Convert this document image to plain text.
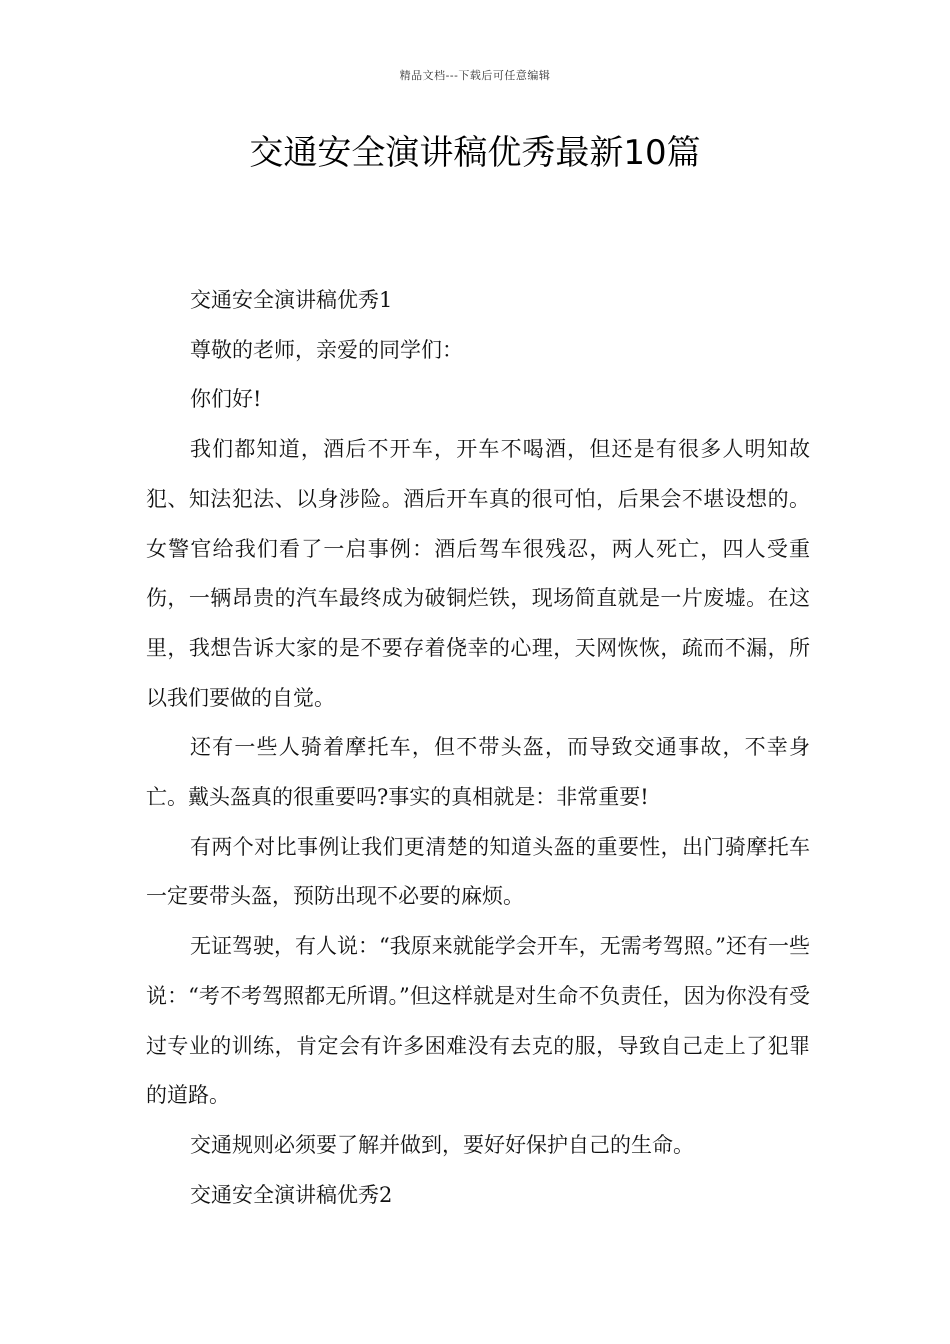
精品文档---下载后可任意编辑
交通安全演讲稿优秀最新10篇

交通安全演讲稿优秀1

尊敬的老师，亲爱的同学们：

你们好!

我们都知道，酒后不开车，开车不喝酒，但还是有很多人明知故犯、知法犯法、以身涉险。酒后开车真的很可怕，后果会不堪设想的。女警官给我们看了一启事例：酒后驾车很残忍，两人死亡，四人受重伤，一辆昂贵的汽车最终成为破铜烂铁，现场简直就是一片废墟。在这里，我想告诉大家的是不要存着侥幸的心理，天网恢恢，疏而不漏，所以我们要做的自觉。

还有一些人骑着摩托车，但不带头盔，而导致交通事故，不幸身亡。戴头盔真的很重要吗?事实的真相就是：非常重要!

有两个对比事例让我们更清楚的知道头盔的重要性，出门骑摩托车一定要带头盔，预防出现不必要的麻烦。

无证驾驶，有人说：“我原来就能学会开车，无需考驾照。”还有一些说：“考不考驾照都无所谓。”但这样就是对生命不负责任，因为你没有受过专业的训练，肯定会有许多困难没有去克的服，导致自己走上了犯罪的道路。

交通规则必须要了解并做到，要好好保护自己的生命。

交通安全演讲稿优秀2
